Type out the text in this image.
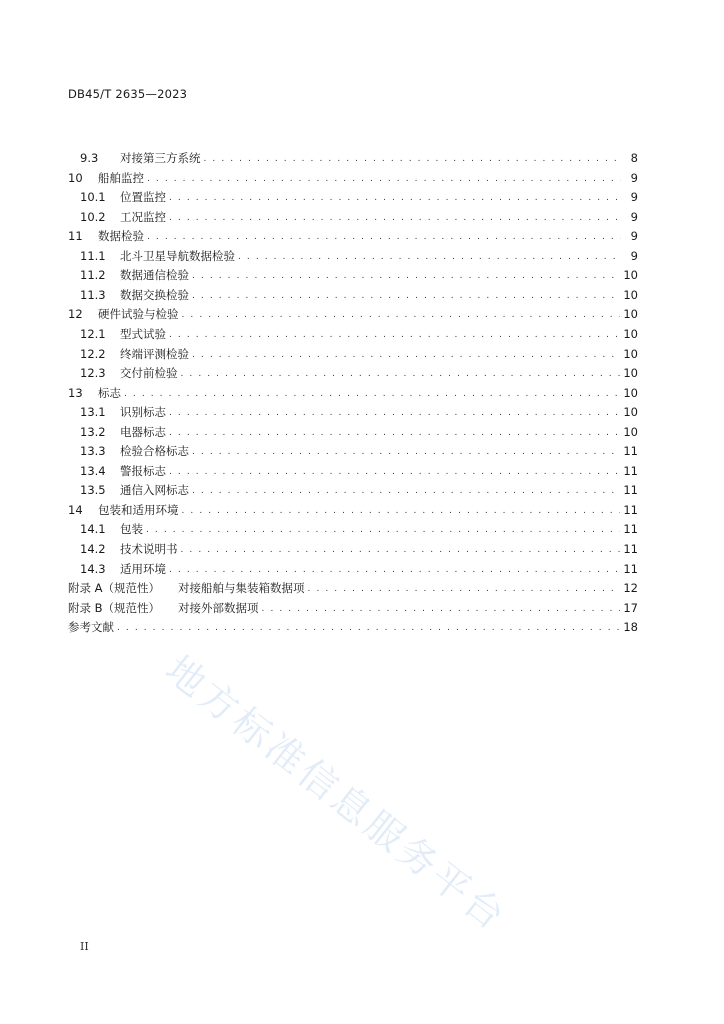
DB45/T 2635—2023
9.3	对接第三方系统 . . .	8
10	船舶监控 . . .	9
10.1	位置监控 . . .	9
10.2	工况监控 . . .	9
11	数据检验 . . .	9
11.1	北斗卫星导航数据检验 . . .	9
11.2	数据通信检验 . . .	10
11.3	数据交换检验 . . .	10
12	硬件试验与检验 . . .	10
12.1	型式试验 . . .	10
12.2	终端评测检验 . . .	10
12.3	交付前检验 . . .	10
13	标志 . . .	10
13.1	识别标志 . . .	10
13.2	电器标志 . . .	10
13.3	检验合格标志 . . .	11
13.4	警报标志 . . .	11
13.5	通信入网标志 . . .	11
14	包装和适用环境 . . .	11
14.1	包装 . . .	11
14.2	技术说明书 . . .	11
14.3	适用环境 . . .	11
附录 A（规范性） 对接船舶与集装箱数据项 . . .	12
附录 B（规范性） 对接外部数据项 . . .	17
参考文献 . . .	18
地方标准信息服务平台
II
